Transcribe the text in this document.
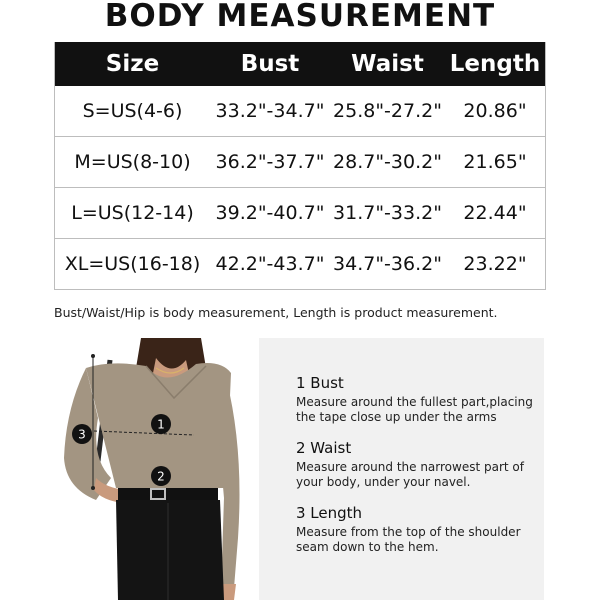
BODY MEASUREMENT
Size	Bust	Waist	Length
S=US(4-6)	33.2"-34.7" 25.8"-27.2"	20.86"
M=US(8-10)	36.2"-37.7" 28.7"-30.2"	21.65"
L=US(12-14)	39.2"-40.7" 31.7"-33.2"	22.44"
XL=US(16-18) 42.2"-43.7" 34.7"-36.2"	23.22"
Bust/Waist/Hip is body measurement, Length is product measurement.
3
1
2
1 Bust

Measure around the fullest part,placing
the tape close up under the arms

2 Waist

Measure around the narrowest part of
your body, under your navel.

3 Length

Measure from the top of the shoulder
seam down to the hem.
